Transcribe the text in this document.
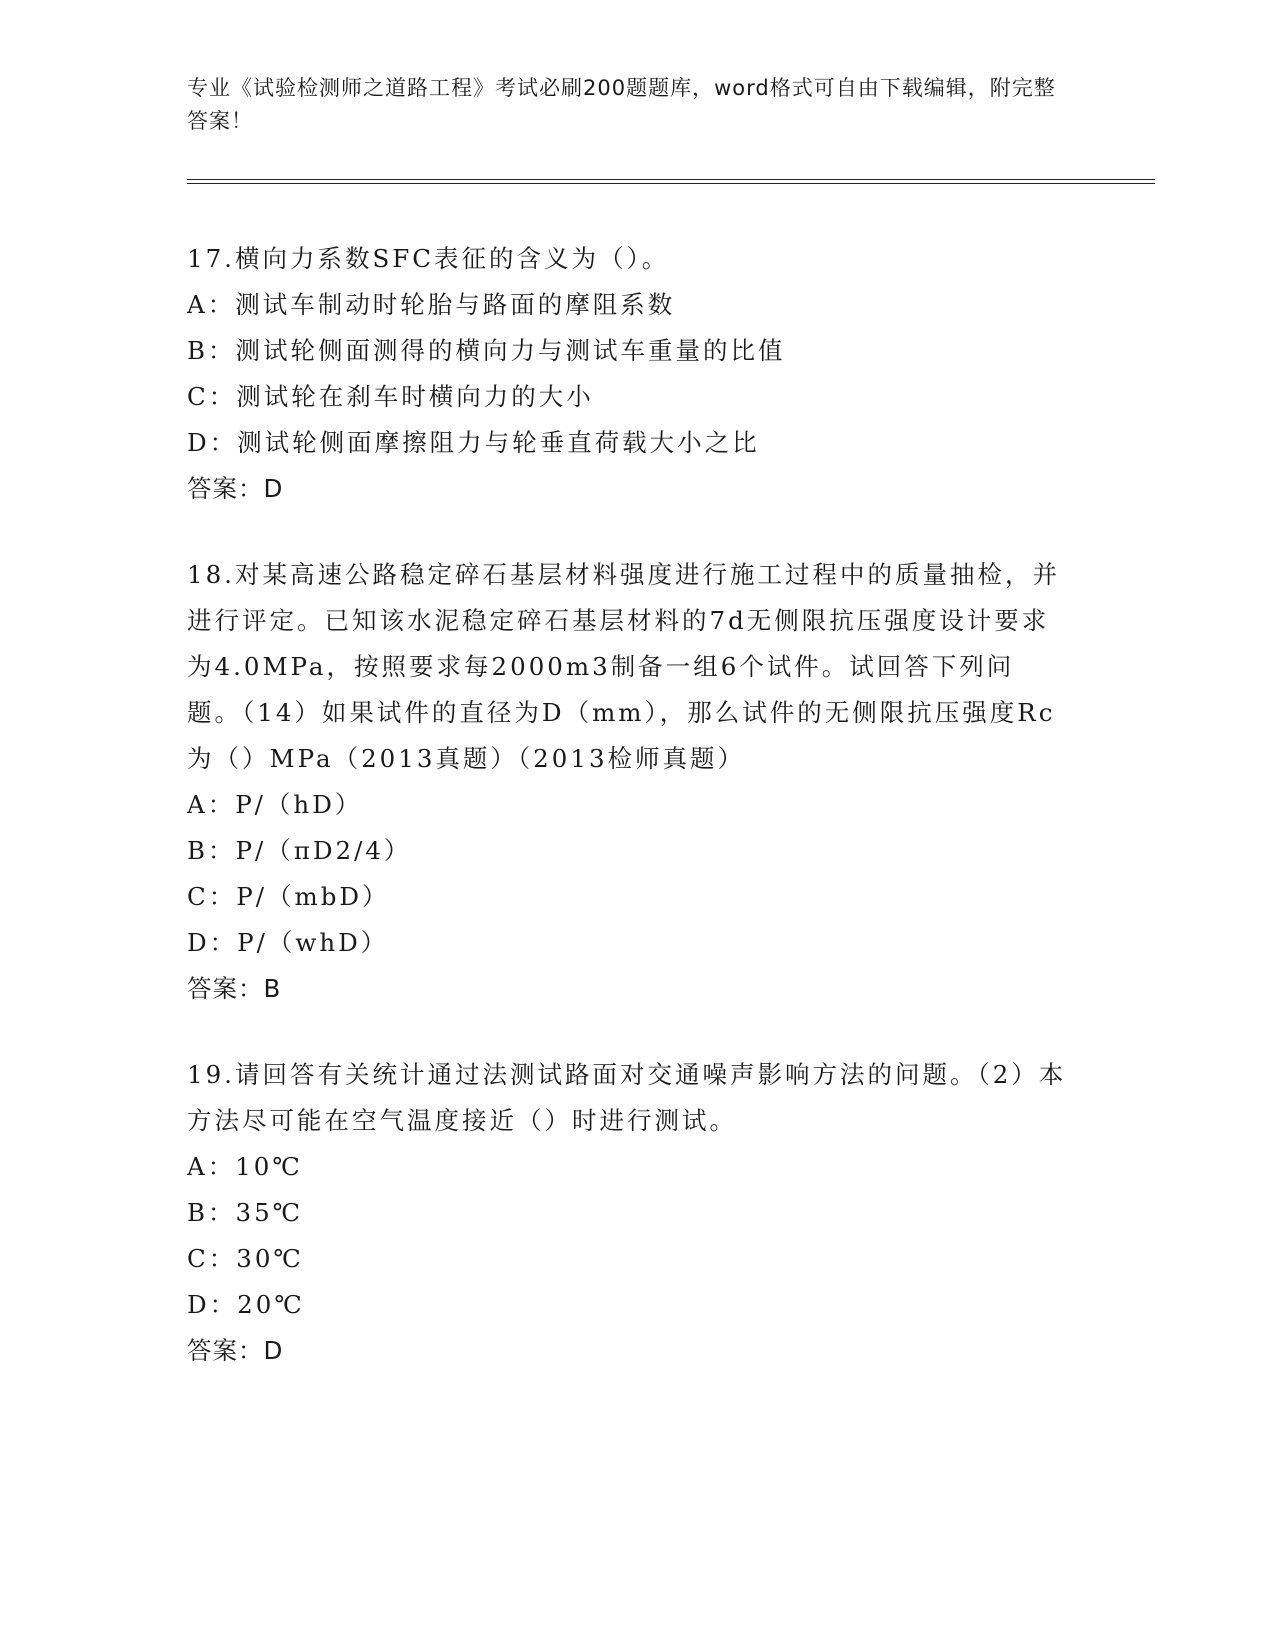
专业《试验检测师之道路工程》考试必刷200题题库，word格式可自由下载编辑，附完整答案！

17.横向力系数SFC表征的含义为（）。

A：测试车制动时轮胎与路面的摩阻系数

B：测试轮侧面测得的横向力与测试车重量的比值

C：测试轮在刹车时横向力的大小

D：测试轮侧面摩擦阻力与轮垂直荷载大小之比

答案：D

18.对某高速公路稳定碎石基层材料强度进行施工过程中的质量抽检，并进行评定。已知该水泥稳定碎石基层材料的7d无侧限抗压强度设计要求为4.0MPa，按照要求每2000m3制备一组6个试件。试回答下列问题。（14）如果试件的直径为D（mm），那么试件的无侧限抗压强度Rc为（）MPa（2013真题）（2013检师真题）

A：P/（hD）

B：P/（πD2/4）

C：P/（mbD）

D：P/（whD）

答案：B

19.请回答有关统计通过法测试路面对交通噪声影响方法的问题。（2）本方法尽可能在空气温度接近（）时进行测试。

A：10℃

B：35℃

C：30℃

D：20℃

答案：D
